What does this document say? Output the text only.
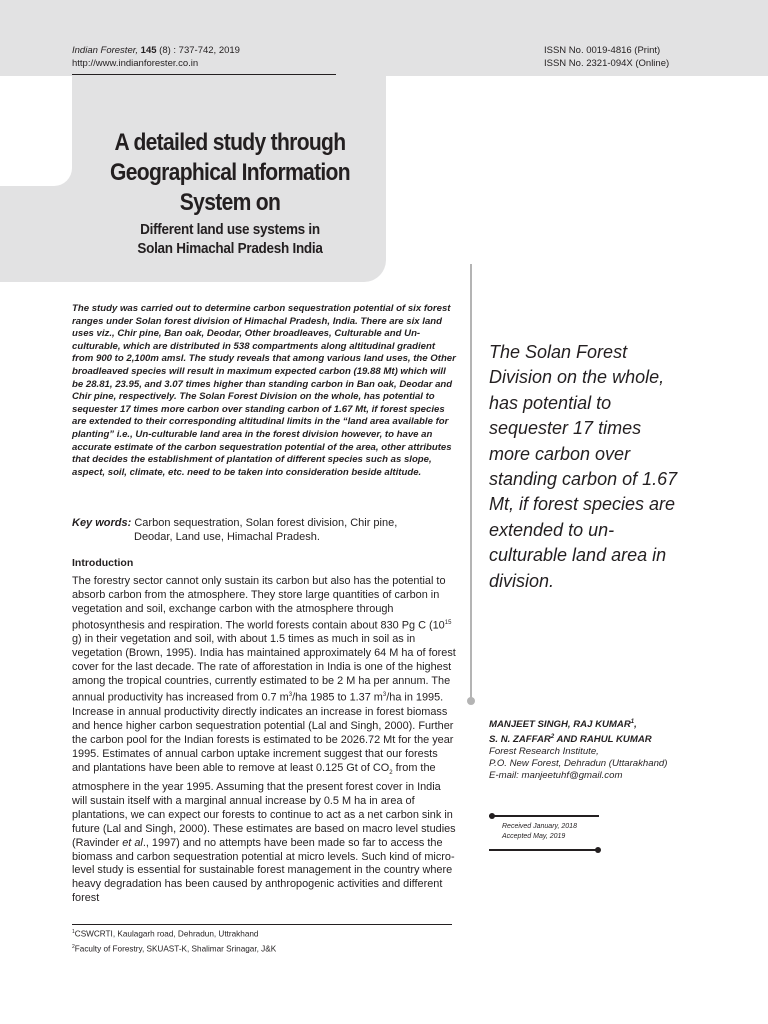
Indian Forester, 145 (8) : 737-742, 2019
http://www.indianforester.co.in
ISSN No. 0019-4816 (Print)
ISSN No. 2321-094X (Online)
A detailed study through
Geographical Information
System on
Different land use systems in
Solan Himachal Pradesh India
The study was carried out to determine carbon sequestration potential of six forest ranges under Solan forest division of Himachal Pradesh, India. There are six land uses viz., Chir pine, Ban oak, Deodar, Other broadleaves, Culturable and Un-culturable, which are distributed in 538 compartments along altitudinal gradient from 900 to 2,100m amsl. The study reveals that among various land uses, the Other broadleaved species will result in maximum expected carbon (19.88 Mt) which will be 28.81, 23.95, and 3.07 times higher than standing carbon in Ban oak, Deodar and Chir pine, respectively. The Solan Forest Division on the whole, has potential to sequester 17 times more carbon over standing carbon of 1.67 Mt, if forest species are extended to their corresponding altitudinal limits in the “land area available for planting” i.e., Un-culturable land area in the forest division however, to have an accurate estimate of the carbon sequestration potential of the area, other attributes that decides the establishment of plantation of different species such as slope, aspect, soil, climate, etc. need to be taken into consideration beside altitude.
Key words: Carbon sequestration, Solan forest division, Chir pine,
Deodar, Land use, Himachal Pradesh.
Introduction

The forestry sector cannot only sustain its carbon but also has the potential to absorb carbon from the atmosphere. They store large quantities of carbon in vegetation and soil, exchange carbon with the atmosphere through photosynthesis and respiration. The world forests contain about 830 Pg C ($10^{15}$ g) in their vegetation and soil, with about 1.5 times as much in soil as in vegetation (Brown, 1995). India has maintained approximately 64 M ha of forest cover for the last decade. The rate of afforestation in India is one of the highest among the tropical countries, currently estimated to be 2 M ha per annum. The annual productivity has increased from 0.7 $m^3/ha$ 1985 to 1.37 $m^3/ha$ in 1995. Increase in annual productivity directly indicates an increase in forest biomass and hence higher carbon sequestration potential (Lal and Singh, 2000). Further the carbon pool for the Indian forests is estimated to be 2026.72 Mt for the year 1995. Estimates of annual carbon uptake increment suggest that our forests and plantations have been able to remove at least 0.125 Gt of $CO_2$ from the atmosphere in the year 1995. Assuming that the present forest cover in India will sustain itself with a marginal annual increase by 0.5 M ha in area of plantations, we can expect our forests to continue to act as a net carbon sink in future (Lal and Singh, 2000). These estimates are based on macro level studies (Ravinder et al., 1997) and no attempts have been made so far to access the biomass and carbon sequestration potential at micro levels. Such kind of micro-level study is essential for sustainable forest management in the country where heavy degradation has been caused by anthropogenic activities and different forest

$^1$CSWCRTI, Kaulagarh road, Dehradun, Uttrakhand
$^2$Faculty of Forestry, SKUAST-K, Shalimar Srinagar, J&K
The Solan Forest Division on the whole, has potential to sequester 17 times more carbon over standing carbon of 1.67 Mt, if forest species are extended to un-culturable land area in division.
MANJEET SINGH, RAJ KUMAR$^1$,
S. N. ZAFFAR$^2$ AND RAHUL KUMAR
Forest Research Institute,
P.O. New Forest, Dehradun (Uttarakhand)
E-mail: manjeetuhf@gmail.com
Received January, 2018
Accepted May, 2019
